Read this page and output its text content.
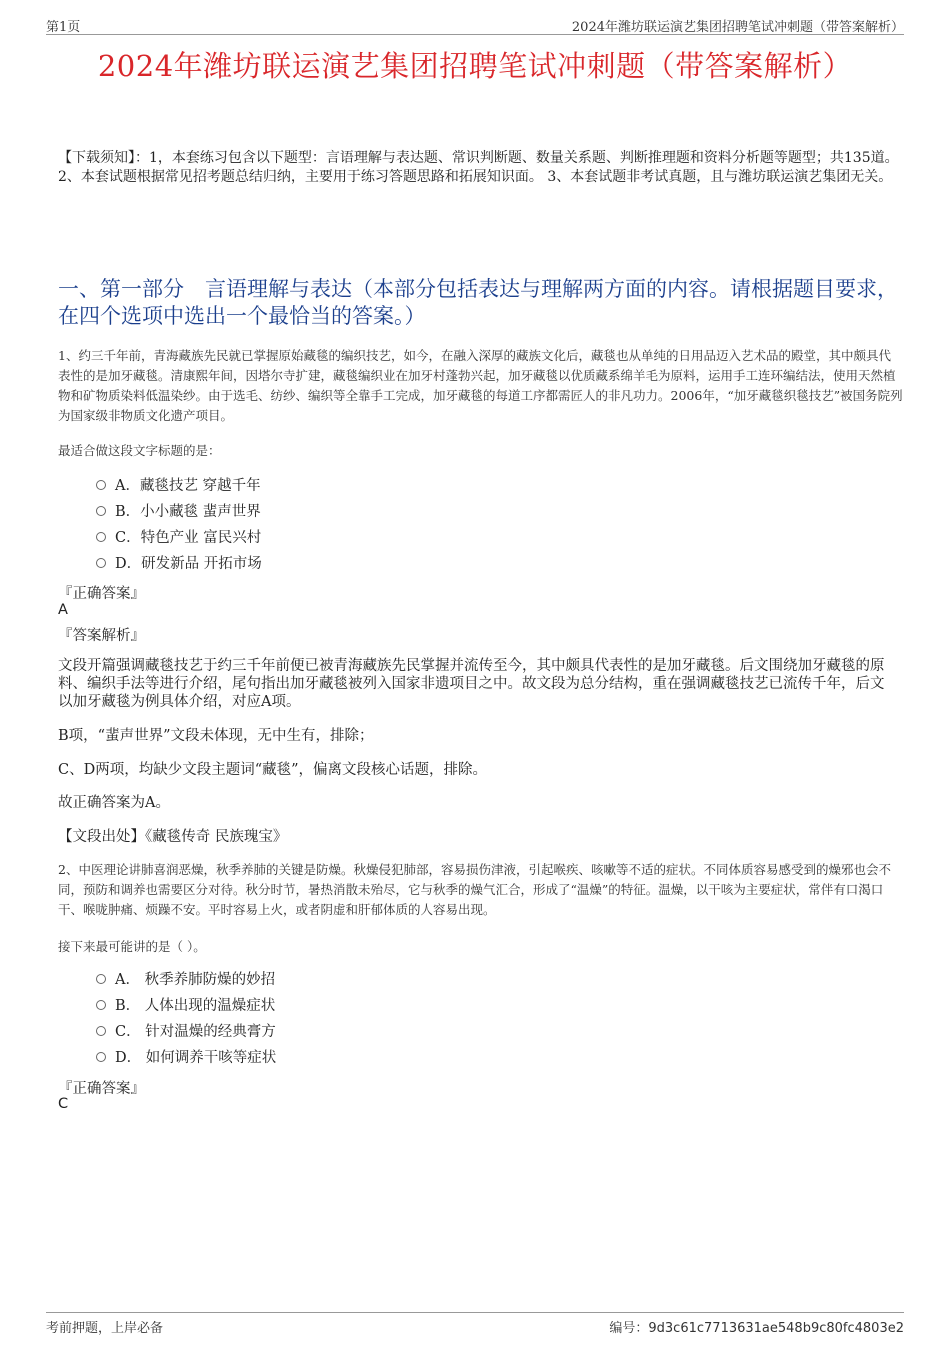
第1页	2024年潍坊联运演艺集团招聘笔试冲刺题（带答案解析）
2024年潍坊联运演艺集团招聘笔试冲刺题（带答案解析）
【下载须知】：1，本套练习包含以下题型：言语理解与表达题、常识判断题、数量关系题、判断推理题和资料分析题等题型；共135道。 2、本套试题根据常见招考题总结归纳，主要用于练习答题思路和拓展知识面。 3、本套试题非考试真题，且与潍坊联运演艺集团无关。
一、第一部分　言语理解与表达（本部分包括表达与理解两方面的内容。请根据题目要求，在四个选项中选出一个最恰当的答案。）
1、约三千年前，青海藏族先民就已掌握原始藏毯的编织技艺，如今，在融入深厚的藏族文化后，藏毯也从单纯的日用品迈入艺术品的殿堂，其中颇具代表性的是加牙藏毯。清康熙年间，因塔尔寺扩建，藏毯编织业在加牙村蓬勃兴起，加牙藏毯以优质藏系绵羊毛为原料，运用手工连环编结法，使用天然植物和矿物质染料低温染纱。由于选毛、纺纱、编织等全靠手工完成，加牙藏毯的每道工序都需匠人的非凡功力。2006年，“加牙藏毯织毯技艺”被国务院列为国家级非物质文化遗产项目。
最适合做这段文字标题的是：
A．藏毯技艺 穿越千年
B．小小藏毯 蜚声世界
C．特色产业 富民兴村
D．研发新品 开拓市场
『正确答案』
A
『答案解析』
文段开篇强调藏毯技艺于约三千年前便已被青海藏族先民掌握并流传至今，其中颇具代表性的是加牙藏毯。后文围绕加牙藏毯的原料、编织手法等进行介绍，尾句指出加牙藏毯被列入国家非遗项目之中。故文段为总分结构，重在强调藏毯技艺已流传千年，后文以加牙藏毯为例具体介绍，对应A项。
B项，“蜚声世界”文段未体现，无中生有，排除；
C、D两项，均缺少文段主题词“藏毯”，偏离文段核心话题，排除。
故正确答案为A。
【文段出处】《藏毯传奇 民族瑰宝》
2、中医理论讲肺喜润恶燥，秋季养肺的关键是防燥。秋燥侵犯肺部，容易损伤津液，引起喉疾、咳嗽等不适的症状。不同体质容易感受到的燥邪也会不同，预防和调养也需要区分对待。秋分时节，暑热消散未殆尽，它与秋季的燥气汇合，形成了“温燥”的特征。温燥，以干咳为主要症状，常伴有口渴口干、喉咙肿痛、烦躁不安。平时容易上火，或者阴虚和肝郁体质的人容易出现。
接下来最可能讲的是（ ）。
A． 秋季养肺防燥的妙招
B． 人体出现的温燥症状
C． 针对温燥的经典膏方
D． 如何调养干咳等症状
『正确答案』
C
考前押题，上岸必备	编号：9d3c61c7713631ae548b9c80fc4803e2
